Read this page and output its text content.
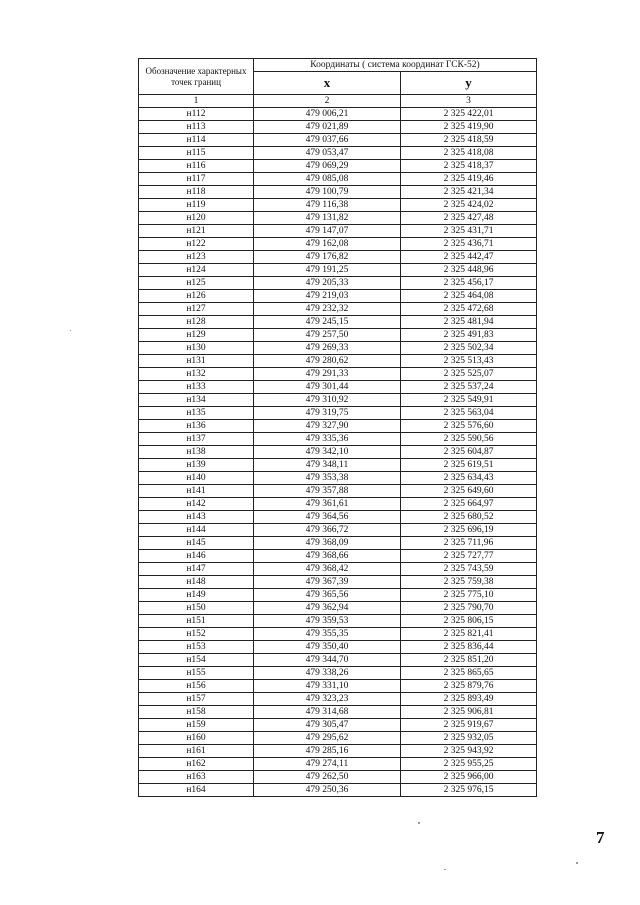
Обозначение характерных точек границ	Координаты ( система координат ГСК-52)	
	х	у
1	2	3
н112	479 006,21	2 325 422,01
н113	479 021,89	2 325 419,90
н114	479 037,66	2 325 418,59
н115	479 053,47	2 325 418,08
н116	479 069,29	2 325 418,37
н117	479 085,08	2 325 419,46
н118	479 100,79	2 325 421,34
н119	479 116,38	2 325 424,02
н120	479 131,82	2 325 427,48
н121	479 147,07	2 325 431,71
н122	479 162,08	2 325 436,71
н123	479 176,82	2 325 442,47
н124	479 191,25	2 325 448,96
н125	479 205,33	2 325 456,17
н126	479 219,03	2 325 464,08
н127	479 232,32	2 325 472,68
н128	479 245,15	2 325 481,94
н129	479 257,50	2 325 491,83
н130	479 269,33	2 325 502,34
н131	479 280,62	2 325 513,43
н132	479 291,33	2 325 525,07
н133	479 301,44	2 325 537,24
н134	479 310,92	2 325 549,91
н135	479 319,75	2 325 563,04
н136	479 327,90	2 325 576,60
н137	479 335,36	2 325 590,56
н138	479 342,10	2 325 604,87
н139	479 348,11	2 325 619,51
н140	479 353,38	2 325 634,43
н141	479 357,88	2 325 649,60
н142	479 361,61	2 325 664,97
н143	479 364,56	2 325 680,52
н144	479 366,72	2 325 696,19
н145	479 368,09	2 325 711,96
н146	479 368,66	2 325 727,77
н147	479 368,42	2 325 743,59
н148	479 367,39	2 325 759,38
н149	479 365,56	2 325 775,10
н150	479 362,94	2 325 790,70
н151	479 359,53	2 325 806,15
н152	479 355,35	2 325 821,41
н153	479 350,40	2 325 836,44
н154	479 344,70	2 325 851,20
н155	479 338,26	2 325 865,65
н156	479 331,10	2 325 879,76
н157	479 323,23	2 325 893,49
н158	479 314,68	2 325 906,81
н159	479 305,47	2 325 919,67
н160	479 295,62	2 325 932,05
н161	479 285,16	2 325 943,92
н162	479 274,11	2 325 955,25
н163	479 262,50	2 325 966,00
н164	479 250,36	2 325 976,15
7
